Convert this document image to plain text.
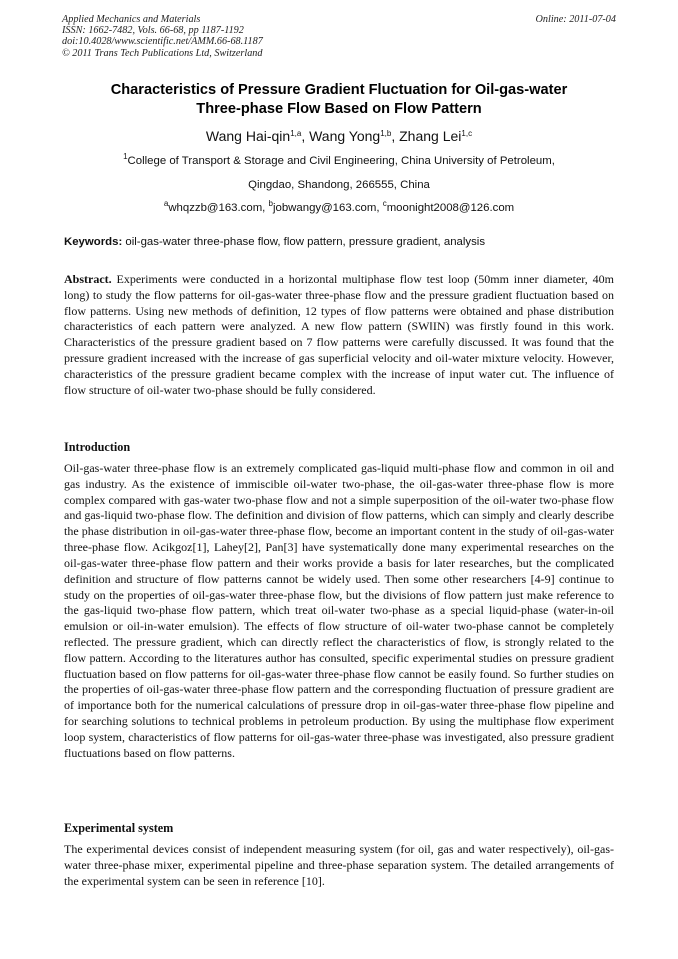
Applied Mechanics and Materials
ISSN: 1662-7482, Vols. 66-68, pp 1187-1192
doi:10.4028/www.scientific.net/AMM.66-68.1187
© 2011 Trans Tech Publications Ltd, Switzerland
Online: 2011-07-04
Characteristics of Pressure Gradient Fluctuation for Oil-gas-water
Three-phase Flow Based on Flow Pattern
Wang Hai-qin$^{1,a}$, Wang Yong$^{1,b}$, Zhang Lei$^{1,c}$
$^1$College of Transport & Storage and Civil Engineering, China University of Petroleum,
Qingdao, Shandong, 266555, China
$^a$whqzzb@163.com, $^b$jobwangy@163.com, $^c$moonight2008@126.com
Keywords: oil-gas-water three-phase flow, flow pattern, pressure gradient, analysis
Abstract. Experiments were conducted in a horizontal multiphase flow test loop (50mm inner diameter, 40m long) to study the flow patterns for oil-gas-water three-phase flow and the pressure gradient fluctuation based on flow patterns. Using new methods of definition, 12 types of flow patterns were obtained and phase distribution characteristics of each pattern were analyzed. A new flow pattern (SW‖IN) was firstly found in this work. Characteristics of the pressure gradient based on 7 flow patterns were carefully discussed. It was found that the pressure gradient increased with the increase of gas superficial velocity and oil-water mixture velocity. However, characteristics of the pressure gradient became complex with the increase of input water cut. The influence of flow structure of oil-water two-phase should be fully considered.
Introduction
Oil-gas-water three-phase flow is an extremely complicated gas-liquid multi-phase flow and common in oil and gas industry. As the existence of immiscible oil-water two-phase, the oil-gas-water three-phase flow is more complex compared with gas-water two-phase flow and not a simple superposition of the oil-water two-phase flow and gas-liquid two-phase flow. The definition and division of flow patterns, which can simply and clearly describe the phase distribution in oil-gas-water three-phase flow, become an important content in the study of oil-gas-water three-phase flow. Acikgoz[1], Lahey[2], Pan[3] have systematically done many experimental researches on the oil-gas-water three-phase flow pattern and their works provide a basis for later researches, but the complicated definition and structure of flow patterns cannot be widely used. Then some other researchers [4-9] continue to study on the properties of oil-gas-water three-phase flow, but the divisions of flow pattern just make reference to the gas-liquid two-phase flow pattern, which treat oil-water two-phase as a special liquid-phase (water-in-oil emulsion or oil-in-water emulsion). The effects of flow structure of oil-water two-phase cannot be completely reflected. The pressure gradient, which can directly reflect the characteristics of flow, is strongly related to the flow pattern. According to the literatures author has consulted, specific experimental studies on pressure gradient fluctuation based on flow patterns for oil-gas-water three-phase flow cannot be easily found. So further studies on the properties of oil-gas-water three-phase flow pattern and the corresponding fluctuation of pressure gradient are of importance both for the numerical calculations of pressure drop in oil-gas-water three-phase flow pipeline and for searching solutions to technical problems in petroleum production. By using the multiphase flow experiment loop system, characteristics of flow patterns for oil-gas-water three-phase was investigated, also pressure gradient fluctuations based on flow patterns.
Experimental system
The experimental devices consist of independent measuring system (for oil, gas and water respectively), oil-gas-water three-phase mixer, experimental pipeline and three-phase separation system. The detailed arrangements of the experimental system can be seen in reference [10].
